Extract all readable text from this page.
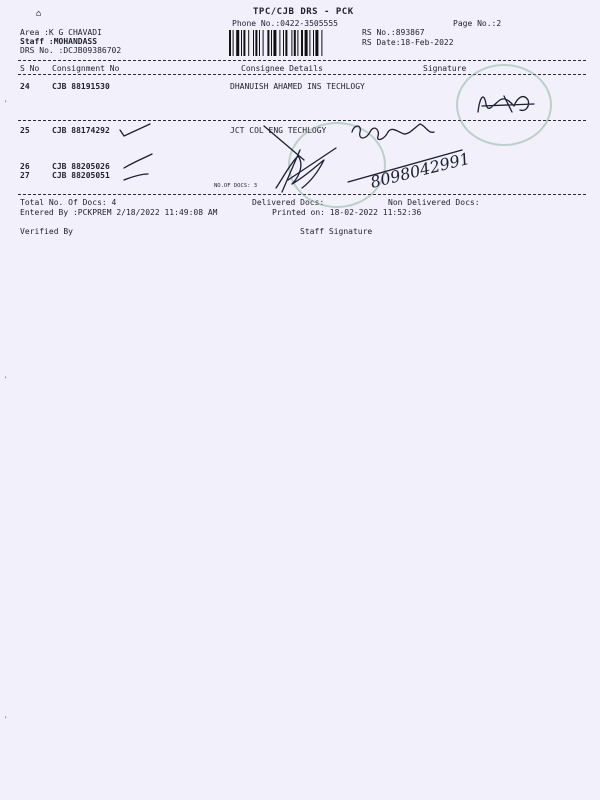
⌂	TPC/CJB DRS - PCK
Phone No.:0422-3505555	Page No.:2
Area :K G CHAVADI
Staff :MOHANDASS
DRS No. :DCJB09386702
RS No.:893867
RS Date:18-Feb-2022
S No Consignment No	Consignee Details	Signature
24	CJB 88191530	DHANUISH AHAMED INS TECHLOGY
25	CJB 88174292	JCT COL ENG TECHLOGY
26	CJB 88205026
27	CJB 88205051
NO.OF DOCS: 3
Total No. Of Docs: 4	Delivered Docs:	Non Delivered Docs:
Entered By :PCKPREM 2/18/2022 11:49:08 AM	Printed on: 18-02-2022 11:52:36
Verified By	Staff Signature
8098042991
'
'
'
